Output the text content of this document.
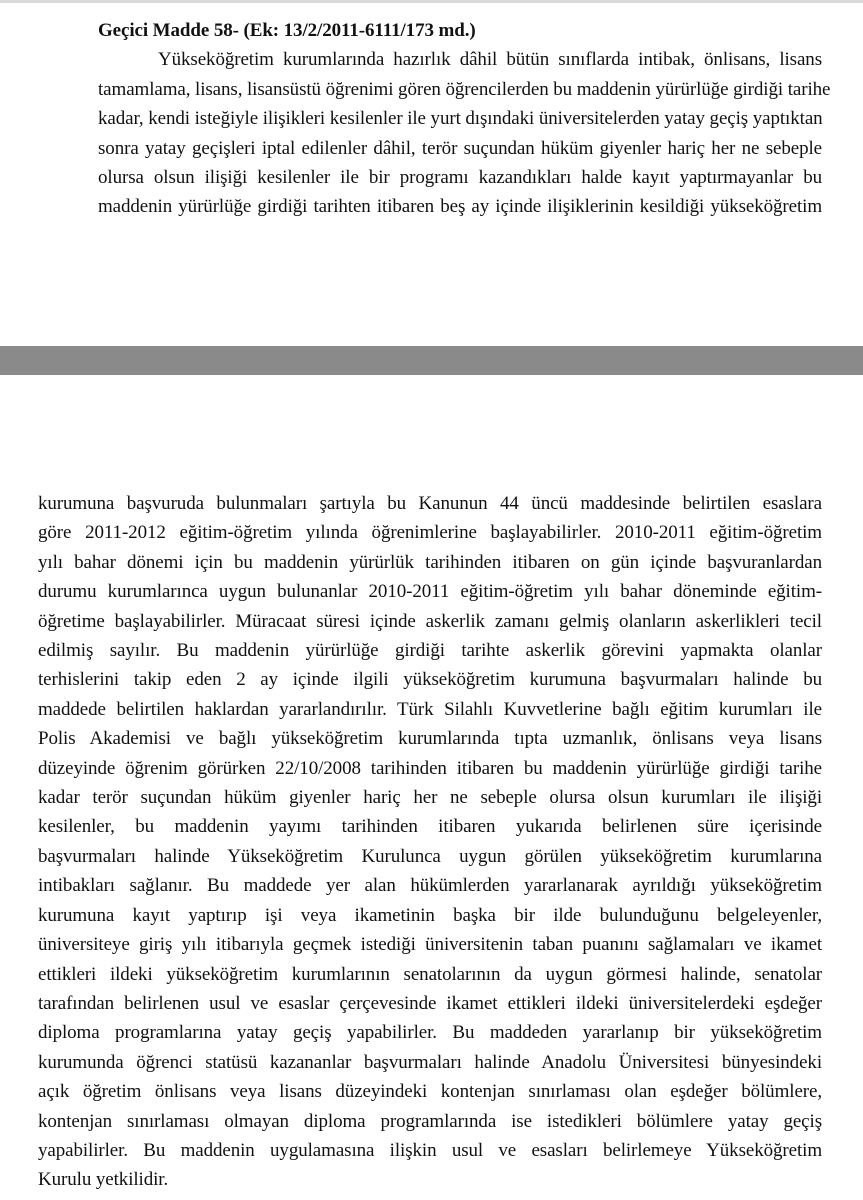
Geçici Madde 58- (Ek: 13/2/2011-6111/173 md.)

Yükseköğretim kurumlarında hazırlık dâhil bütün sınıflarda intibak, önlisans, lisans
tamamlama, lisans, lisansüstü öğrenimi gören öğrencilerden bu maddenin yürürlüğe girdiği tarihe
kadar, kendi isteğiyle ilişikleri kesilenler ile yurt dışındaki üniversitelerden yatay geçiş yaptıktan
sonra yatay geçişleri iptal edilenler dâhil, terör suçundan hüküm giyenler hariç her ne sebeple
olursa olsun ilişiği kesilenler ile bir programı kazandıkları halde kayıt yaptırmayanlar bu
maddenin yürürlüğe girdiği tarihten itibaren beş ay içinde ilişiklerinin kesildiği yükseköğretim
kurumuna başvuruda bulunmaları şartıyla bu Kanunun 44 üncü maddesinde belirtilen esaslara
göre 2011-2012 eğitim-öğretim yılında öğrenimlerine başlayabilirler. 2010-2011 eğitim-öğretim
yılı bahar dönemi için bu maddenin yürürlük tarihinden itibaren on gün içinde başvuranlardan
durumu kurumlarınca uygun bulunanlar 2010-2011 eğitim-öğretim yılı bahar döneminde eğitim-
öğretime başlayabilirler. Müracaat süresi içinde askerlik zamanı gelmiş olanların askerlikleri tecil
edilmiş sayılır. Bu maddenin yürürlüğe girdiği tarihte askerlik görevini yapmakta olanlar
terhislerini takip eden 2 ay içinde ilgili yükseköğretim kurumuna başvurmaları halinde bu
maddede belirtilen haklardan yararlandırılır. Türk Silahlı Kuvvetlerine bağlı eğitim kurumları ile
Polis Akademisi ve bağlı yükseköğretim kurumlarında tıpta uzmanlık, önlisans veya lisans
düzeyinde öğrenim görürken 22/10/2008 tarihinden itibaren bu maddenin yürürlüğe girdiği tarihe
kadar terör suçundan hüküm giyenler hariç her ne sebeple olursa olsun kurumları ile ilişiği
kesilenler, bu maddenin yayımı tarihinden itibaren yukarıda belirlenen süre içerisinde
başvurmaları halinde Yükseköğretim Kurulunca uygun görülen yükseköğretim kurumlarına
intibakları sağlanır. Bu maddede yer alan hükümlerden yararlanarak ayrıldığı yükseköğretim
kurumuna kayıt yaptırıp işi veya ikametinin başka bir ilde bulunduğunu belgeleyenler,
üniversiteye giriş yılı itibarıyla geçmek istediği üniversitenin taban puanını sağlamaları ve ikamet
ettikleri ildeki yükseköğretim kurumlarının senatolarının da uygun görmesi halinde, senatolar
tarafından belirlenen usul ve esaslar çerçevesinde ikamet ettikleri ildeki üniversitelerdeki eşdeğer
diploma programlarına yatay geçiş yapabilirler. Bu maddeden yararlanıp bir yükseköğretim
kurumunda öğrenci statüsü kazananlar başvurmaları halinde Anadolu Üniversitesi bünyesindeki
açık öğretim önlisans veya lisans düzeyindeki kontenjan sınırlaması olan eşdeğer bölümlere,
kontenjan sınırlaması olmayan diploma programlarında ise istedikleri bölümlere yatay geçiş
yapabilirler. Bu maddenin uygulamasına ilişkin usul ve esasları belirlemeye Yükseköğretim
Kurulu yetkilidir.
